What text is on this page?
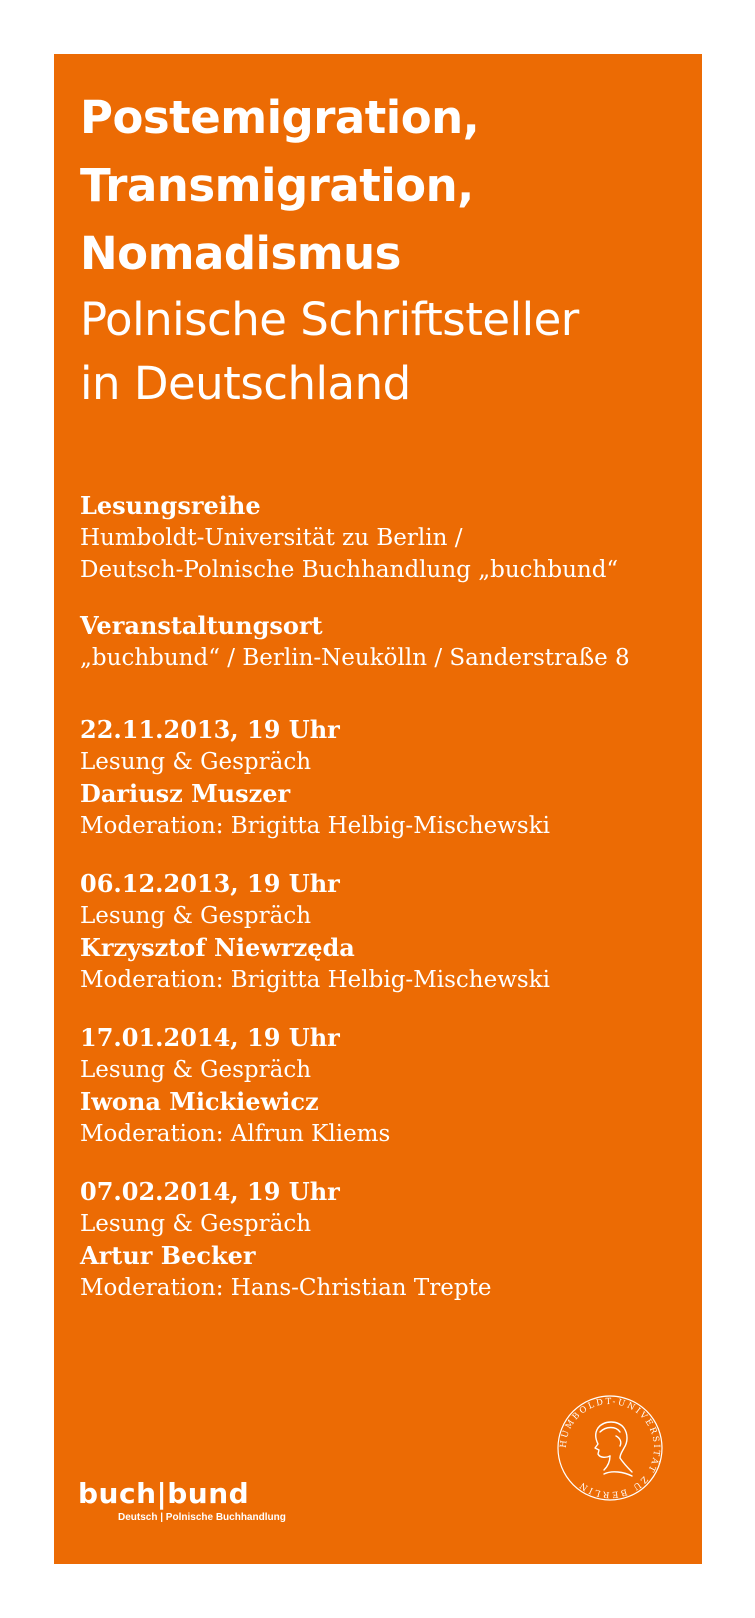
Postemigration,
Transmigration,
Nomadismus
Polnische Schriftsteller
in Deutschland
Lesungsreihe
Humboldt-Universität zu Berlin /
Deutsch-Polnische Buchhandlung „buchbund“
Veranstaltungsort
„buchbund“ / Berlin-Neukölln / Sanderstraße 8
22.11.2013, 19 Uhr
Lesung & Gespräch
Dariusz Muszer
Moderation: Brigitta Helbig-Mischewski
06.12.2013, 19 Uhr
Lesung & Gespräch
Krzysztof Niewrzęda
Moderation: Brigitta Helbig-Mischewski
17.01.2014, 19 Uhr
Lesung & Gespräch
Iwona Mickiewicz
Moderation: Alfrun Kliems
07.02.2014, 19 Uhr
Lesung & Gespräch
Artur Becker
Moderation: Hans-Christian Trepte
buch|bund
Deutsch | Polnische Buchhandlung
HUMBOLDT-UNIVERSITÄT ZU BERLIN
